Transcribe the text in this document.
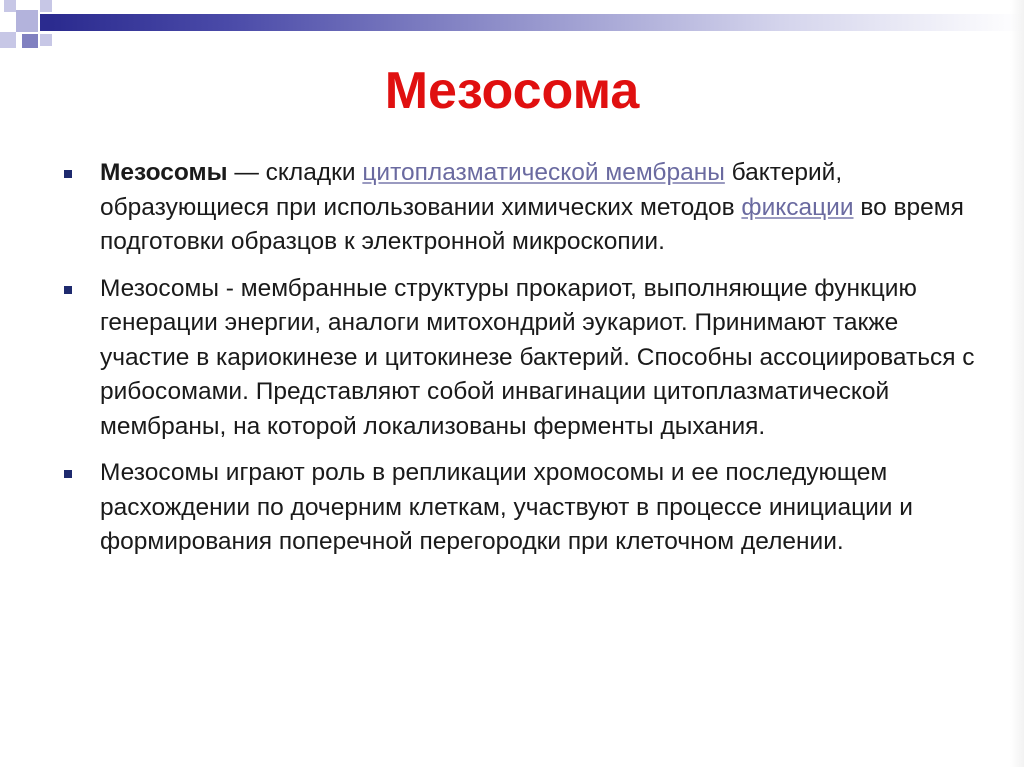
Мезосома
Мезосомы — складки цитоплазматической мембраны бактерий, образующиеся при использовании химических методов фиксации во время подготовки образцов к электронной микроскопии.
Мезосомы - мембранные структуры прокариот, выполняющие функцию генерации энергии, аналоги митохондрий эукариот. Принимают также участие в кариокинезе и цитокинезе бактерий. Способны ассоциироваться с рибосомами. Представляют собой инвагинации цитоплазматической мембраны, на которой локализованы ферменты дыхания.
Мезосомы играют роль в репликации хромосомы и ее последующем расхождении по дочерним клеткам, участвуют в процессе инициации и формирования поперечной перегородки при клеточном делении.
